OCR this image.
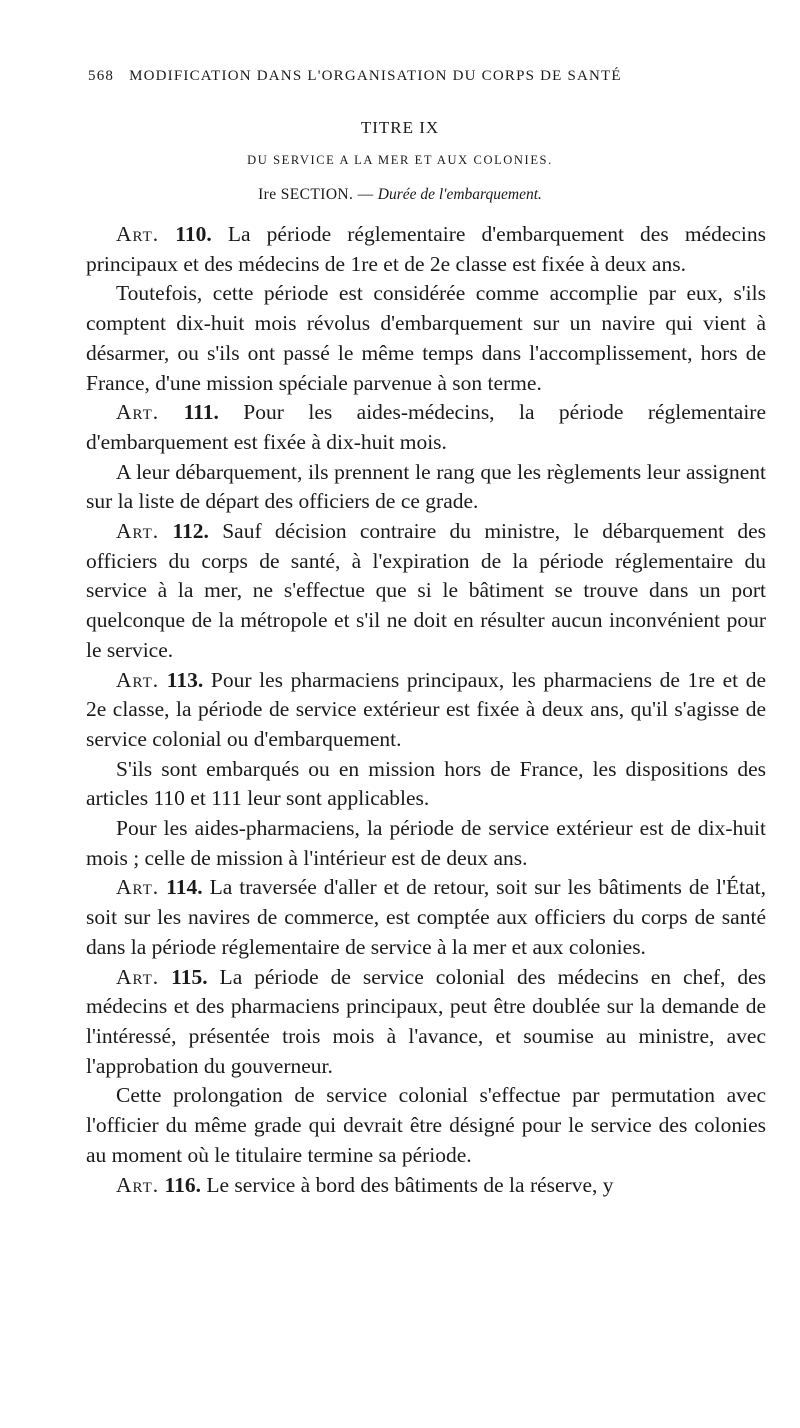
568 MODIFICATION DANS L'ORGANISATION DU CORPS DE SANTÉ
TITRE IX
DU SERVICE A LA MER ET AUX COLONIES.
Ire SECTION. — Durée de l'embarquement.

Art. 110. La période réglementaire d'embarquement des médecins principaux et des médecins de 1re et de 2e classe est fixée à deux ans.

Toutefois, cette période est considérée comme accomplie par eux, s'ils comptent dix-huit mois révolus d'embarquement sur un navire qui vient à désarmer, ou s'ils ont passé le même temps dans l'accomplissement, hors de France, d'une mission spéciale parvenue à son terme.

Art. 111. Pour les aides-médecins, la période réglementaire d'embarquement est fixée à dix-huit mois.

A leur débarquement, ils prennent le rang que les règlements leur assignent sur la liste de départ des officiers de ce grade.

Art. 112. Sauf décision contraire du ministre, le débarquement des officiers du corps de santé, à l'expiration de la période réglementaire du service à la mer, ne s'effectue que si le bâtiment se trouve dans un port quelconque de la métropole et s'il ne doit en résulter aucun inconvénient pour le service.

Art. 113. Pour les pharmaciens principaux, les pharmaciens de 1re et de 2e classe, la période de service extérieur est fixée à deux ans, qu'il s'agisse de service colonial ou d'embarquement.

S'ils sont embarqués ou en mission hors de France, les dispositions des articles 110 et 111 leur sont applicables.

Pour les aides-pharmaciens, la période de service extérieur est de dix-huit mois ; celle de mission à l'intérieur est de deux ans.

Art. 114. La traversée d'aller et de retour, soit sur les bâtiments de l'État, soit sur les navires de commerce, est comptée aux officiers du corps de santé dans la période réglementaire de service à la mer et aux colonies.

Art. 115. La période de service colonial des médecins en chef, des médecins et des pharmaciens principaux, peut être doublée sur la demande de l'intéressé, présentée trois mois à l'avance, et soumise au ministre, avec l'approbation du gouverneur.

Cette prolongation de service colonial s'effectue par permutation avec l'officier du même grade qui devrait être désigné pour le service des colonies au moment où le titulaire termine sa période.

Art. 116. Le service à bord des bâtiments de la réserve, y
